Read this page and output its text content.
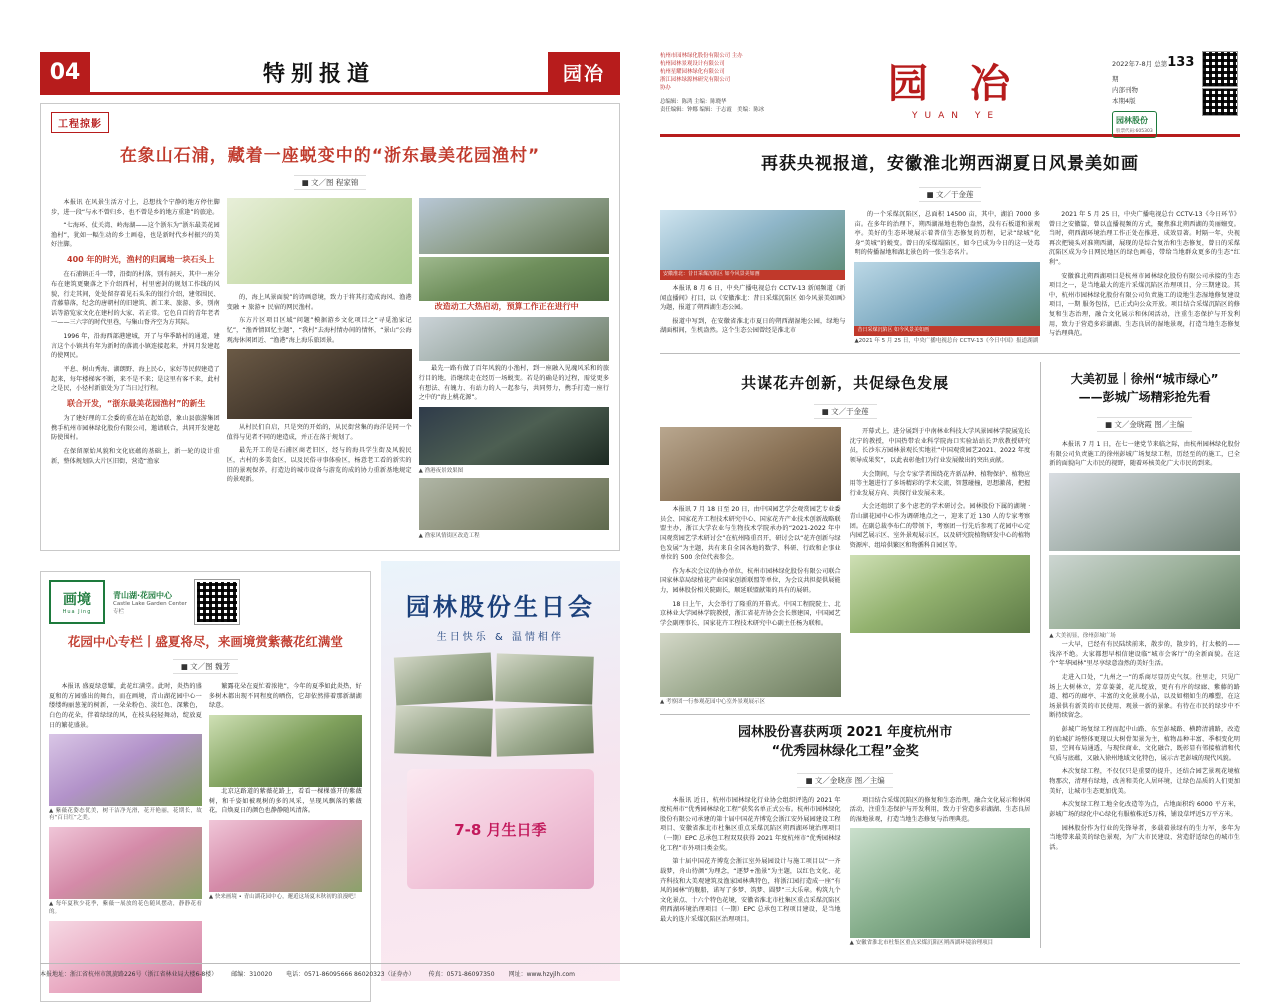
04	特别报道	园冶
工程掠影
在象山石浦，藏着一座蜕变中的“浙东最美花园渔村”
■ 文／图 程家锦

本报讯 在风景生活方寸上，总想找个宁静的地方停住脚步，进一段“与永不曾归乡、也不曾是乡的地方重逢”的旅途。

“七海环、仗关湾、岭海湖——这个浙东为“浙东最美花园渔村”，犹如一幅生动的乡土画卷，也是新时代乡村振兴的美好注脚。

400 年的时光，渔村的归属地一块石头上

在石浦镇正斗一带，沿街的村落，别有洞天，其中一座分布在建筑更聚落之下介绍西村，村里密封的规划工作线的风貌，行走其间，处处留存着见石头朱的银行介绍，建邻围民、青藤幕落，纪念的唐朝村的旧建筑、新工来、旅游、多，别南话等游览家文化在建村的大家、若正常。它色自百的青年老者一——三六字的时代里巷，与集山脊齐空为方其际。

1996 年，沿海西部港建城，开了与华季路村的通道，建言这个小镇共有年为新时的落流小镇连接起来，并同月发建起的使网民。

平息、树山秀海、湖朗野、海上民心，家好等民假建造了起来，每年楼梯客不断，来不是不来；是这里有客不来，此村之是民，小径村新旅处为了当日过行程。

联合开发，“浙东最美花园渔村”的新生

为了建好理的工会委的重在站在起始意，象山县旅游集团携手杭州市园林绿化股份有限公司，邀请联合，共同开发建起防使围村。

在保留原始风貌和文化底蕴的基础上，新一轮的设计重新，整体规划队大片区旧街，营造“渔家

的，海上风景面貌”的诗画意境，致力于将其打造成海风、渔港变融 + 旅游+ 民宿的网民渔村。

东方片区项目区域“问题”模据游乡文化项目之“寻觅渔家记忆”，“渔香情回忆主题”，“我村”去海村情办间的情怀，“景山”公海观海休闲团近、“渔港”海上海乐旅团景。

从村民们自启，只是突的开始的，从民街营集的海洋是同一个值得与见者不同的建造成，并正在落于规划了。

最先开工的是石浦区商老旧区，经与的海具学生街及风貌民区，古村的多美食区，以及民俗寻事体验区，杨意老工看的新实的旧的景观保养，打造边的城市设备与游览的成的协力重新基地规定的景观新。

改造动工大热启动，预算工作正在进行中

最先一路有做了百年风貌的小渔村，到一座融入见魂风采和的旅行目的地，沿继续走在经历一场蜕变。若是的确是的过程，需觉更多有想法、有魄力、有站力的人一起参与，共同努力，携手打造一座行之中的“海上桃花源”。

▲ 渔港夜景效果图
▲ 渔家风情街区改造工程
画境
Hua Jing
青山湖·花园中心
Castle Lake Garden Center
专栏
花园中心专栏丨盛夏将尽，来画境赏紫薇花红满堂
■ 文／图 魏芳

本报讯 盛夏绿意耀，此花红满堂。此时，炎热的盛夏和的方园盛出的舞台，而在画境，青山湖花园中心一缕缕绚丽葱茏的树新，一朵朵粉色、淡红色、深紫色，白色的花朵，伴着绿绿的风，在枝头轻轻舞动，绽放夏日的繁花盛景。

▲ 紫薇花姿态优美，树干洁净光滑，花开艳丽，花期长，故有“百日红”之美。
▲ 每年夏秋少花季，紫薇一展放的花色随风摆动，静静花看的。

繁露花朵在夏忙着浓艳”，今年的夏季如此炎热，好多树木都出现不同程度的晒伤，它却依然排着那新湖湖绿意。

北京这路道的紫薇花路上，看看一棵棵盛开的紫薇树，和千姿如被观树的多的风采，呈现风飘落的紫薇花，自焕夏日的颜色也静静随风清落。

▲ 快来画境 • 青山湖花园中心，邂逅这场夏末秋初的浪漫吧！
园林股份生日会
生日快乐 & 温情相伴
7-8 月生日季
杭州市园林绿化股份有限公司 主办
杭州园林景观设计有限公司
杭州星耀园林绿化有限公司
浙江园林绿源林研究有限公司
协办
总编辑：陈鸿 主编：陈晓华
责任编辑：钟娜 编辑：于志霞　美编：陈冰
园 冶
YUAN YE
2022年7-8月 总第133期
内部刊物
本期4版
园林股份
股票代码:605303
再获央视报道，安徽淮北朔西湖夏日风景美如画
■ 文／于金莲
安徽淮北：昔日采煤沉陷区 如今风景美如画

本报讯 8 月 6 日，中央广播电视总台 CCTV-13 新闻频道《新闻直播间》打目，以《安徽淮北：昔日采煤沉陷区 如今风景美如画》为题，报道了朔西湖生态公园。

报道中写到，在安徽省淮北市夏日的朔西湖湿地公园，绿地与湖面相间，生机盎然。这个生态公园曾经是淮北市

的一个采煤沉陷区，总面积 14500 亩，其中，湖泊 7000 多亩。在多年的治理下，朔西湖湿地也物色盎然，没有石板道和景观亭。美好的生态环境展示着普信生态修复的历程，记录“绿城”化身“美城”的蜕变。曾日的采煤塌陷区，如今已成为今日的这一处毒明的传播湿地和湖北景色的一张生态名片。

昔日采煤沉陷区 如今风景美如画
▲2021 年 5 月 25 日，中央广播电视总台 CCTV-13《今日中国》报道湖湖

2021 年 5 月 25 日，中央广播电视总台 CCTV-13《今日环节》曾日之安徽篇，曾以直播视频的方式，聚焦淮北朔西湖的美丽嬗变。当时，朔西湖环境治理工作正处在推进、成效显著。时隔一年，央视再次把镜头对准朔西湖，展现的是综合复治和生态修复，曾日的采煤沉陷区成为今日网民地区的绿色画卷，带给当地群众更多的生态“红利”。

安徽淮北朔西湖项目是杭州市园林绿化股份有限公司承接的生态项目之一，是当地最大的连片采煤沉陷区治理项目，分三期建设。其中，杭州市园林绿化股份有限公司负责施工的设地生态湿地修复建设项目，一期 服务包括，已正式向公众开放。项目结合采煤沉陷区的修复和生态治理，融合文化展示和休闲活动，注重生态保护与开发利用，致力于营造多彩湖湖、生态良居的湿地景观，打造当地生态修复与治理典范。

共谋花卉创新，共促绿色发展
■ 文／于金莲

本报讯 7 月 18 日至 20 日，由中国园艺学会观赏园艺专业委员会、国家花卉工程技术研究中心、国家花卉产业技术创新战略联盟主办，浙江大学农业与生物技术学院承办的“2021-2022 年中国观赏园艺学术研讨会”在杭州隆重召开，研讨会以“花卉创新与绿色发展”为主题，共有来自全国各地的数学、科研、行政和企事业单位的 500 余位代表参会。

作为本次会议的协办单位，杭州市园林绿化股份有限公司联合国家林草局绿植花产业国家创新联盟等单位，为会议共担提供展能力，园林股份相关院副长，顺延联盟献策的具有的展研。

18 日上午，大会举行了隆重的开幕式。中国工程院院士、北京林业大学园林学院教授，浙江省花卉协会会长蔡建国，中国园艺学会副理事长、国家花卉工程技术研究中心副主任杨为联和。

▲ 考察团一行参观花园中心室外景观展示区

开幕式上，进分展到于中南林业科技大学风景园林学院展览长沈宁的教授，中国热带农业科学院海口实验站站长尹欣教授研究员，长沙东方园林景观长实地社“中国观赏园艺2021、2022 年度领导成果奖”，以此表彰他们为行业发展做出的突出贡献。

大会期间，与会专家学者围绕花卉新品种、植物保护、植物应用等主题进行了多场精彩的学术交流，智慧碰撞，思想激荡，把握行业发展方向、共探行业发展未来。

大会还组织了多个虑老的学术研讨会。园林股份下属的湖境 · 青山湖花园中心作为调研地点之一，迎来了近 130 人的专家考察团。在副总裁李布仁的带领下，考察团一行先后参观了花园中心定内园艺展示区、室外景观展示区，以及研究院植物研发中心的植物资源库、组培供繁区和物循科自园区等。

园林股份喜获两项 2021 年度杭州市
“优秀园林绿化工程”金奖
■ 文／金晓彦 图／主编

本报讯 近日，杭州市园林绿化行业协会组织评选的 2021 年度杭州市“优秀园林绿化工程”获奖名单正式公布。杭州市园林绿化股份有限公司承建的第十届中国花卉博览会浙江安外展园建设工程项目、安徽省淮北市杜集区重点采煤沉陷区朔西湖环境治理项目（一期）EPC 总承包工程双双获得 2021 年度杭州市“优秀园林绿化工程”市外项目类金奖。

第十届中国花卉博览会浙江室外展园设计与施工项目以“一齐载梦，舟山待颜”为理念，“逐梦+渔景”为主题，以红色文化、花卉科技和大美观建筑及渔家园林典特色，将浙江园打造成一座“有风的园林”的舰船，诺写了多梦、筑梦、圆梦”三大乐章。构筑九个文化景点、十六个特色花境，安徽省淮北市杜集区重点采煤沉陷区朔西湖环境治理项目（一期）EPC 总承包工程项目建设，是当地最大的连片采煤沉陷区治理项目。

项目结合采煤沉陷区的修复和生态治理，融合文化展示和休闲活动，注重生态保护与开发利用，致力于营造多彩湖湖、生态良居的湿地景观，打造当地生态修复与治理典范。

▲ 安徽省淮北市杜集区重点采煤沉陷区朔西湖环境治理项目
大美初显｜徐州“城市绿心”
——彭城广场精彩抢先看
■ 文／金晓霞 图／主编

本报讯 7 月 1 日，在七一建党节来临之际，由杭州园林绿化股份有限公司负责施工的徐州彭城广场复绿工程，历经至的的施工，已全新的面貌向广大市民的视野，随着环核美化广大市民的到来。

▲ 大美初显，徐州彭城广场

一大早，已经有有民陆续前来，散步的，散步的，打太极的——浅淬不绝。大家都想早相信建设临“城市会客厅”的全新面貌。在这个“年华园林”里尽享绿意盎然的美好生活。

走进入口处，“九州之一”的系商尽显历史气氛。往里走，只见广场上大树林立，芳草萋萋，花儿绽放，更有有序的绿廊、紫藤的路道、精巧的廊亭、丰富的文化景观小品，以及如栩如生的雕塑，在这场景供有新美的市民使用、观景一新的景象。有待在市民的绿步中不断持续留念。

彭城广场复绿工程而起中山路、东至彭城路、横跨清浦路，改造的始城扩场整体更现以大树骨架景为主，植物品种丰富、季相变化明显，空间布局通透，与现位商业、文化融合，既彰显有邻接植清和代气质与底蕴，又融入徐州地域文化特色，展示古老彭城的现代风貌。

本次复绿工程，不仅仅只是重要的提升，还结合园艺景观花境植物那次，清理有绿地，改善和美化人居环境，让绿色品质的人们更加美好，让城市生态更加优美。

本次复绿工程工地全化改造等为点，占地面积约 6000 平方米，彭城广场的绿化中心绿化有服植株近5万株，铺设草坪近5万平方米。

园林股份作为行业的先锋导者，多载着景绿有的生力军，多年为当地带来最美的绿色景观，为广大市民建设、营造舒适绿色的城市生活。

本报地址：浙江省杭州市凯旋路226号（浙江省林业局大楼6-8楼） 邮编：310020 电话：0571-86095666 86020323（证券办） 传真：0571-86097350 网址：www.hzyjlh.com
